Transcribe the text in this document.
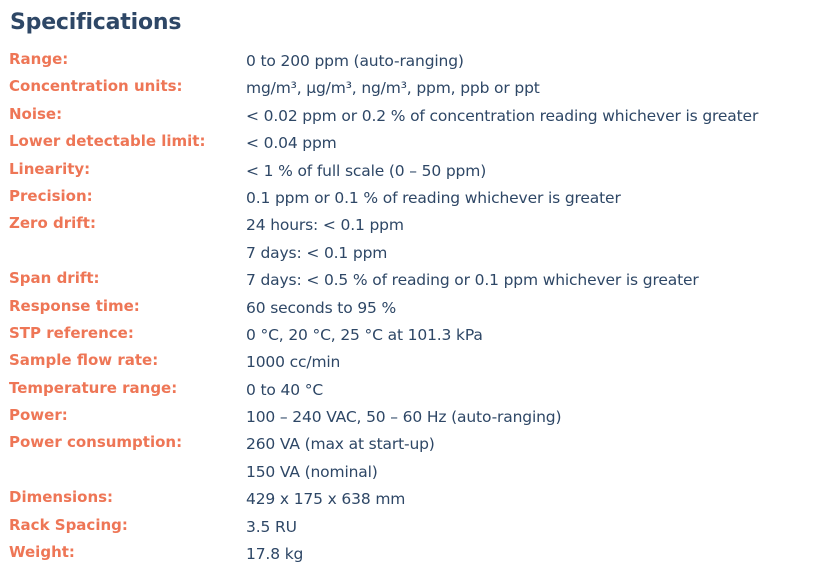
Specifications
Range:	0 to 200 ppm (auto-ranging)
Concentration units:	mg/m³, μg/m³, ng/m³, ppm, ppb or ppt
Noise:	< 0.02 ppm or 0.2 % of concentration reading whichever is greater
Lower detectable limit:	< 0.04 ppm
Linearity:	< 1 % of full scale (0 – 50 ppm)
Precision:	0.1 ppm or 0.1 % of reading whichever is greater
Zero drift:	24 hours: < 0.1 ppm
7 days: < 0.1 ppm
Span drift:	7 days: < 0.5 % of reading or 0.1 ppm whichever is greater
Response time:	60 seconds to 95 %
STP reference:	0 °C, 20 °C, 25 °C at 101.3 kPa
Sample flow rate:	1000 cc/min
Temperature range:	0 to 40 °C
Power:	100 – 240 VAC, 50 – 60 Hz (auto-ranging)
Power consumption:	260 VA (max at start-up)
150 VA (nominal)
Dimensions:	429 x 175 x 638 mm
Rack Spacing:	3.5 RU
Weight:	17.8 kg
